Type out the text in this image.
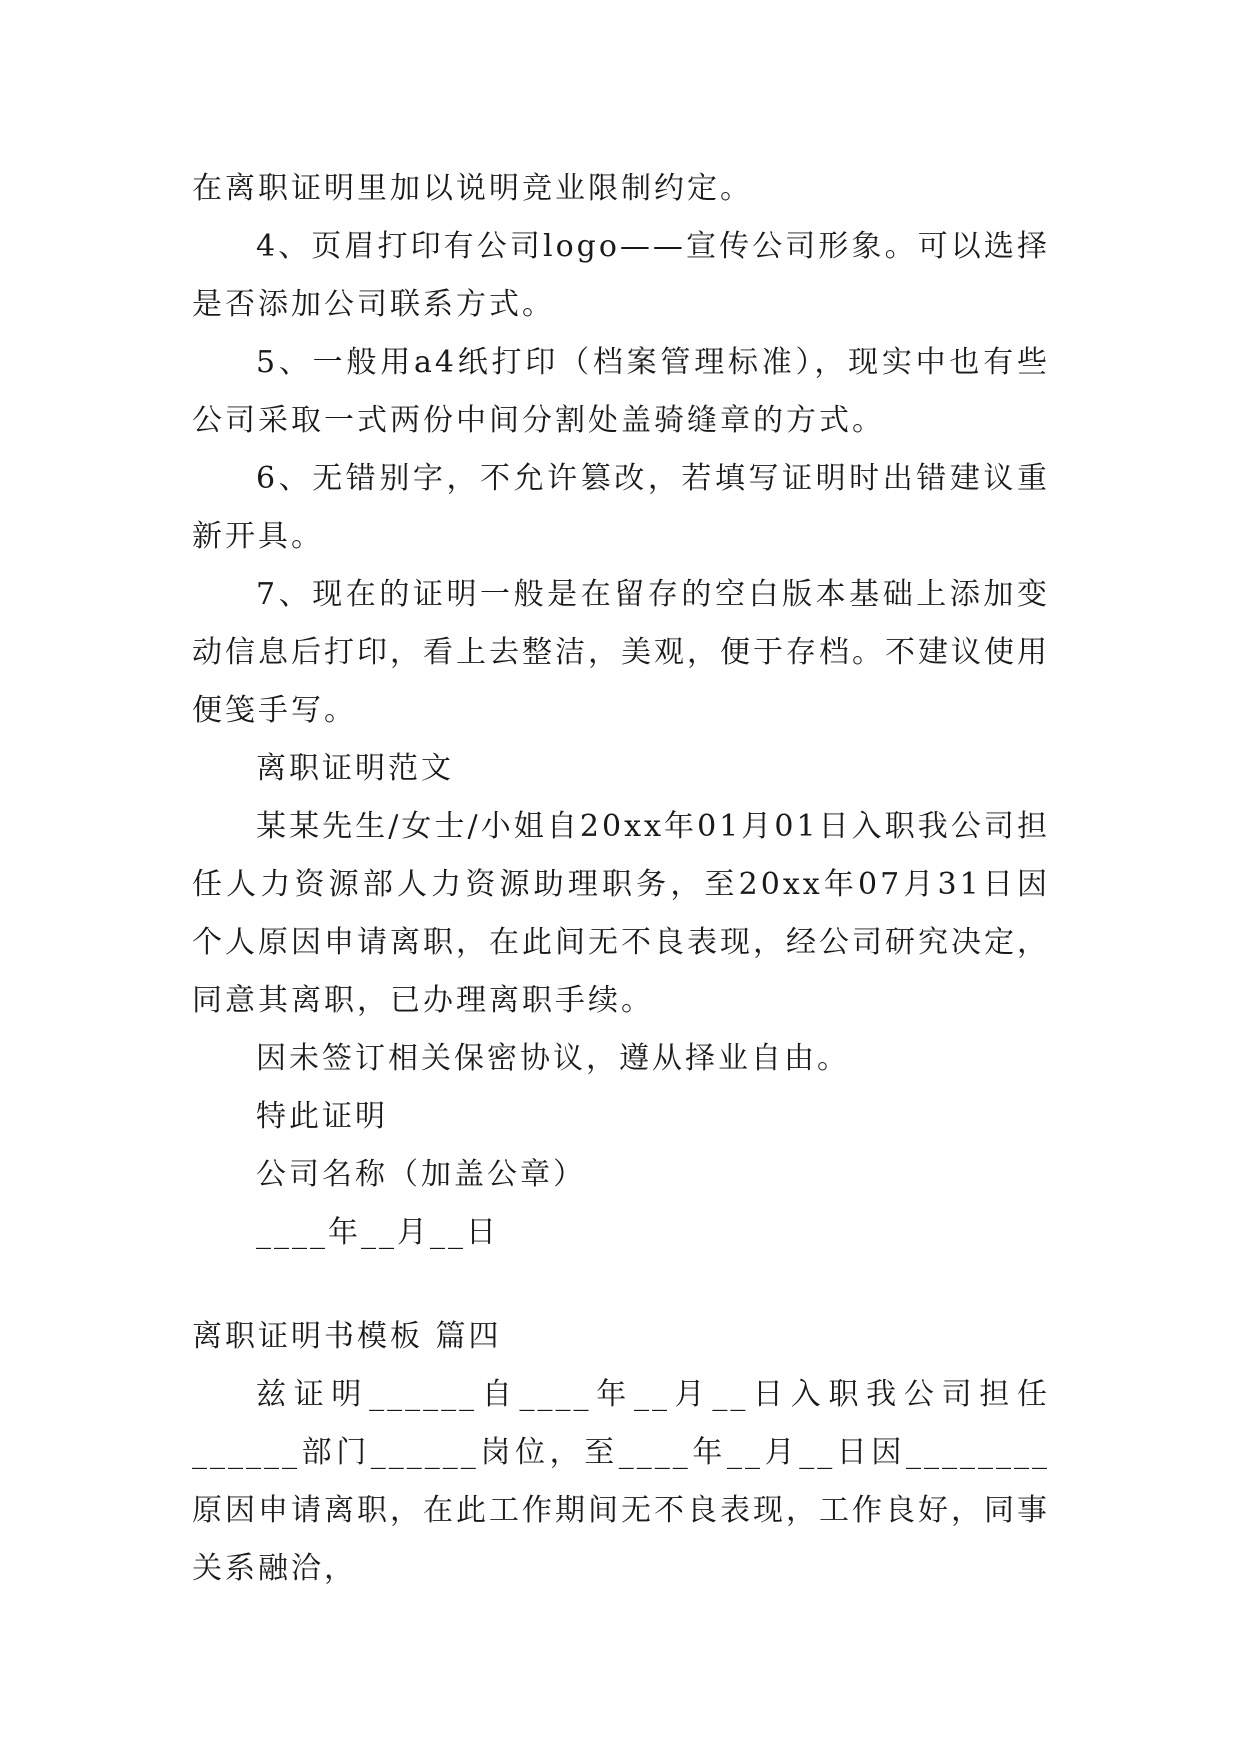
在离职证明里加以说明竞业限制约定。

4、页眉打印有公司logo——宣传公司形象。可以选择是否添加公司联系方式。

5、一般用a4纸打印（档案管理标准），现实中也有些公司采取一式两份中间分割处盖骑缝章的方式。

6、无错别字，不允许篡改，若填写证明时出错建议重新开具。

7、现在的证明一般是在留存的空白版本基础上添加变动信息后打印，看上去整洁，美观，便于存档。不建议使用便笺手写。

离职证明范文

某某先生/女士/小姐自20xx年01月01日入职我公司担任人力资源部人力资源助理职务，至20xx年07月31日因个人原因申请离职，在此间无不良表现，经公司研究决定，同意其离职，已办理离职手续。

因未签订相关保密协议，遵从择业自由。

特此证明

公司名称（加盖公章）

____年__月__日

离职证明书模板 篇四

兹证明______自____年__月__日入职我公司担任______部门______岗位，至____年__月__日因________原因申请离职，在此工作期间无不良表现，工作良好，同事关系融洽，
